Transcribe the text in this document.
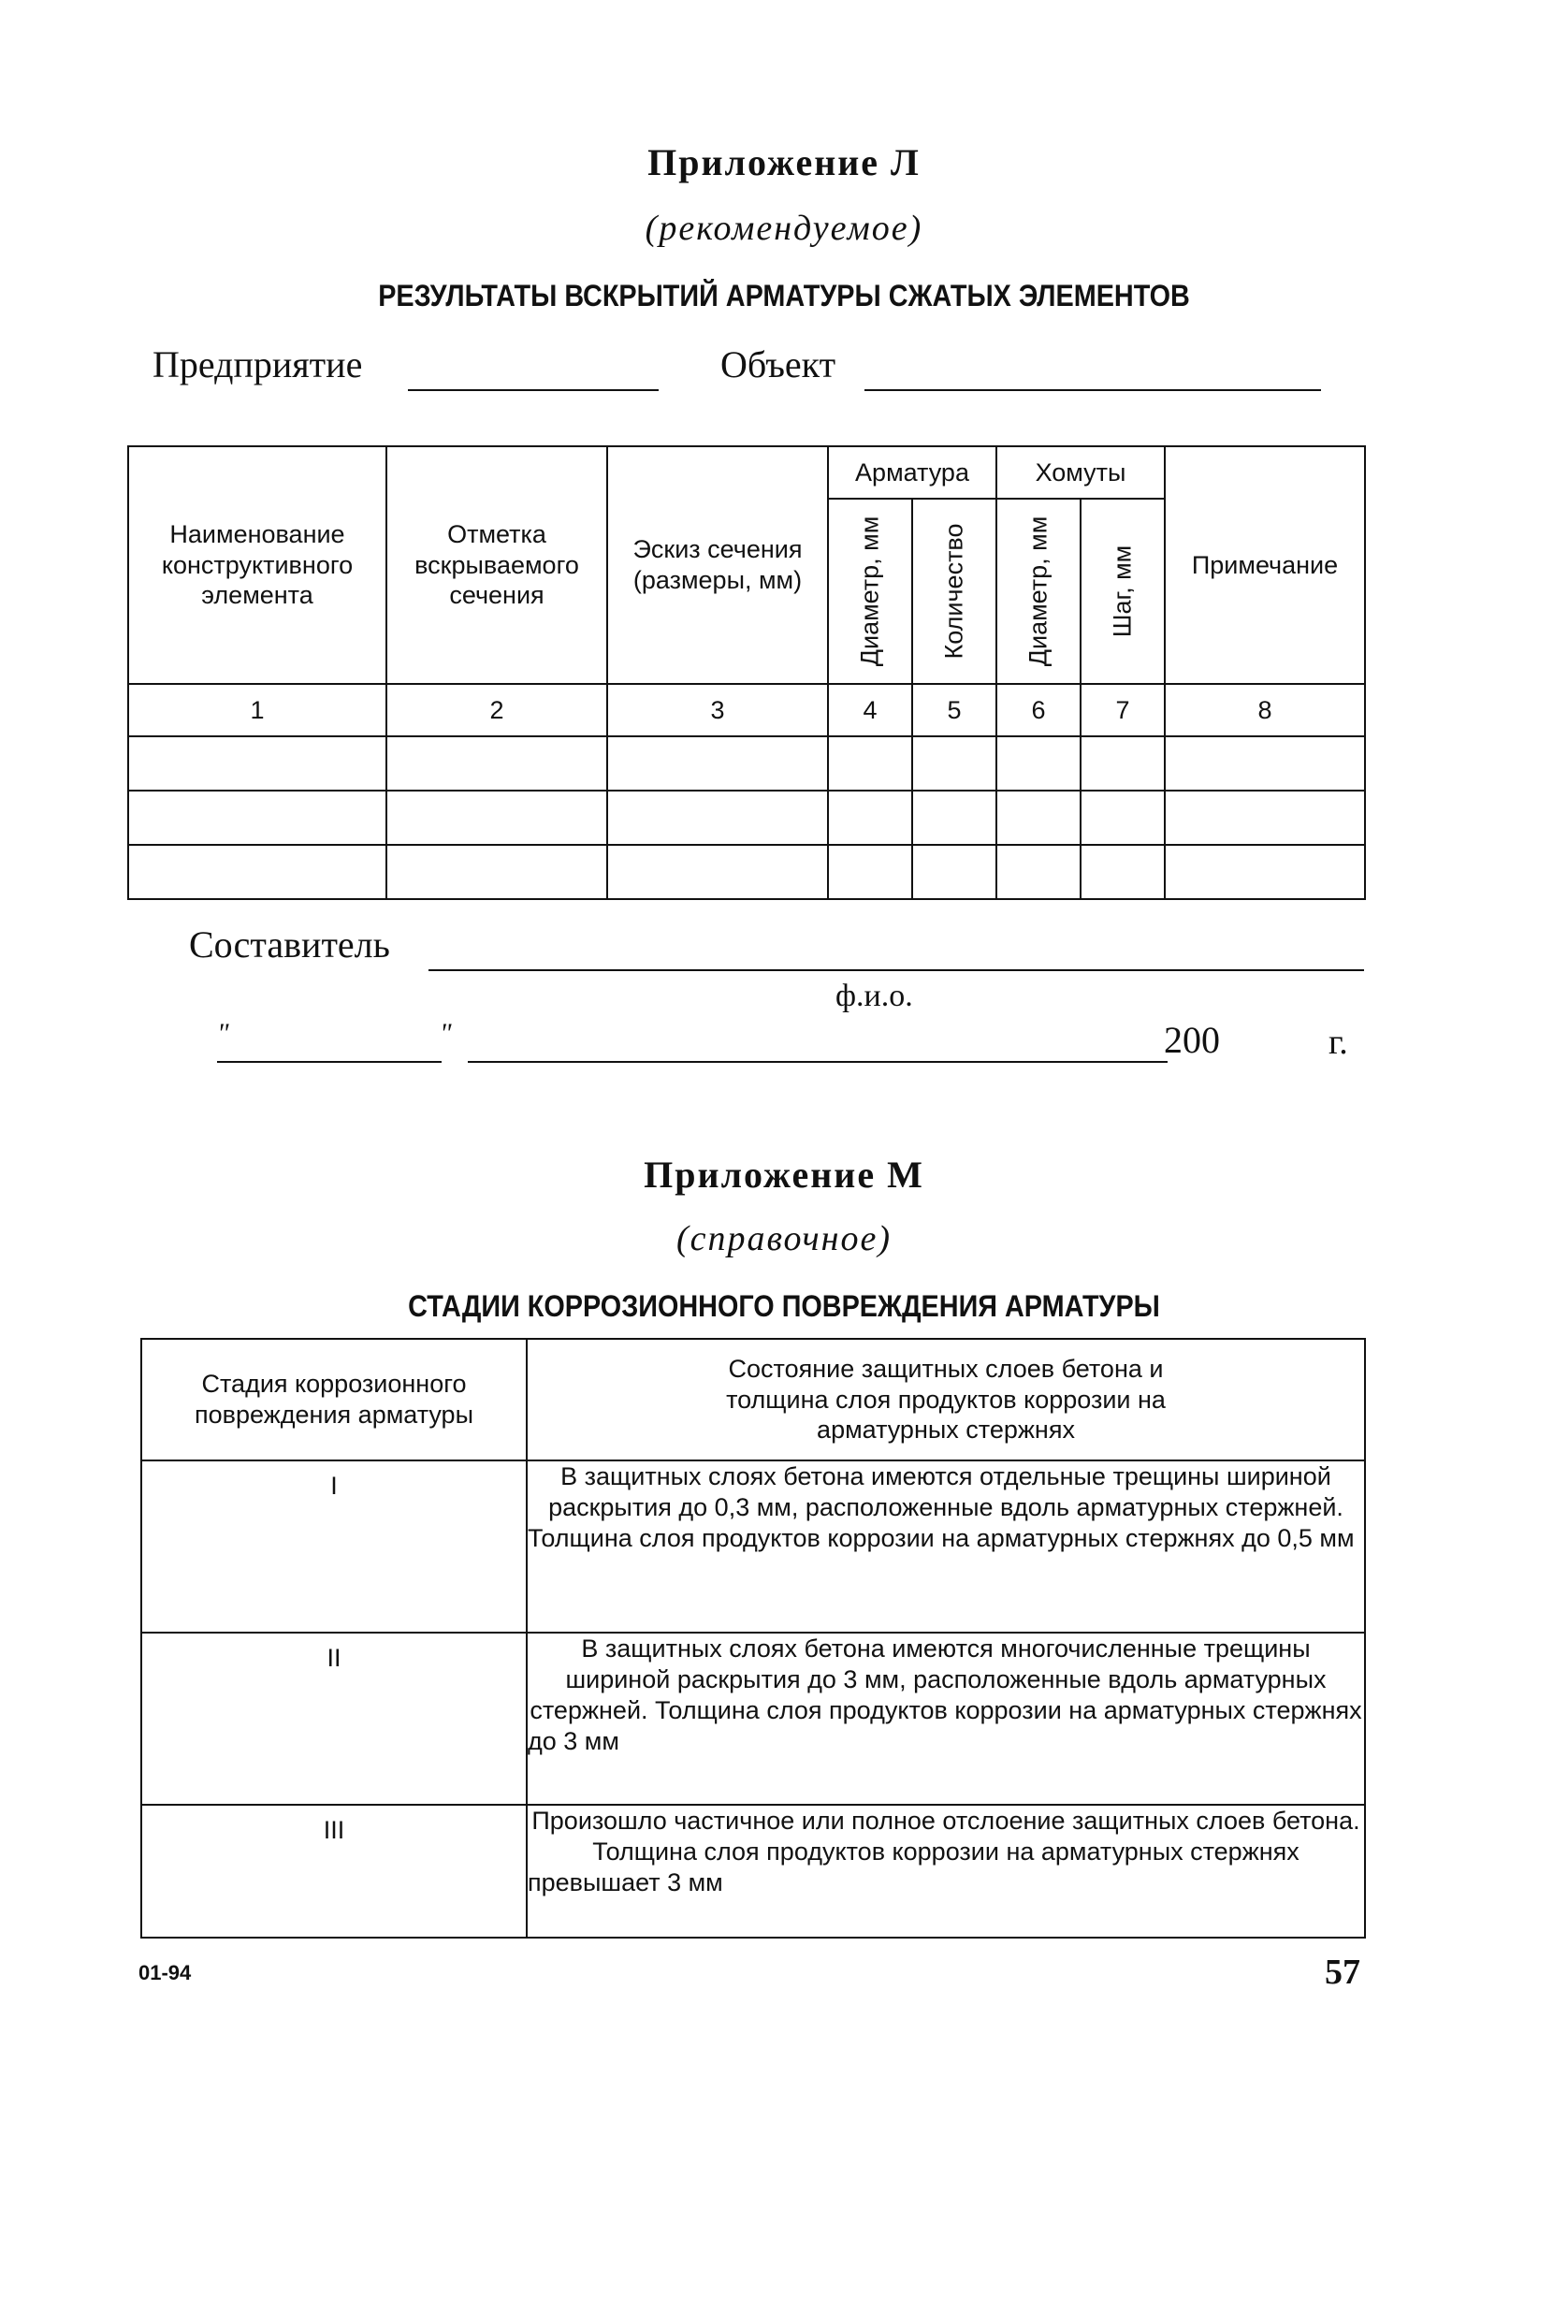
Приложение Л
(рекомендуемое)
РЕЗУЛЬТАТЫ ВСКРЫТИЙ АРМАТУРЫ СЖАТЫХ ЭЛЕМЕНТОВ
Предприятие	Объект
Наименование конструктивного элемента	Отметка вскрываемого сечения	Эскиз сечения (размеры, мм)	Арматура		Хомуты		Примечание

			Диаметр, мм	Количество	Диаметр, мм	Шаг, мм	

1	2	3	4	5	6	7	8

Составитель
ф.и.о.
"	"	200	г.
Приложение М
(справочное)
СТАДИИ КОРРОЗИОННОГО ПОВРЕЖДЕНИЯ АРМАТУРЫ
Стадия коррозионного повреждения арматуры	Состояние защитных слоев бетона и толщина слоя продуктов коррозии на арматурных стержнях
I	В защитных слоях бетона имеются отдельные трещины шириной раскрытия до 0,3 мм, расположенные вдоль арматурных стержней. Толщина слоя продуктов коррозии на арматурных стержнях до 0,5 мм
II	В защитных слоях бетона имеются многочисленные трещины шириной раскрытия до 3 мм, расположенные вдоль арматурных стержней. Толщина слоя продуктов коррозии на арматурных стержнях до 3 мм
III	Произошло частичное или полное отслоение защитных слоев бетона. Толщина слоя продуктов коррозии на арматурных стержнях превышает 3 мм
01-94	57
